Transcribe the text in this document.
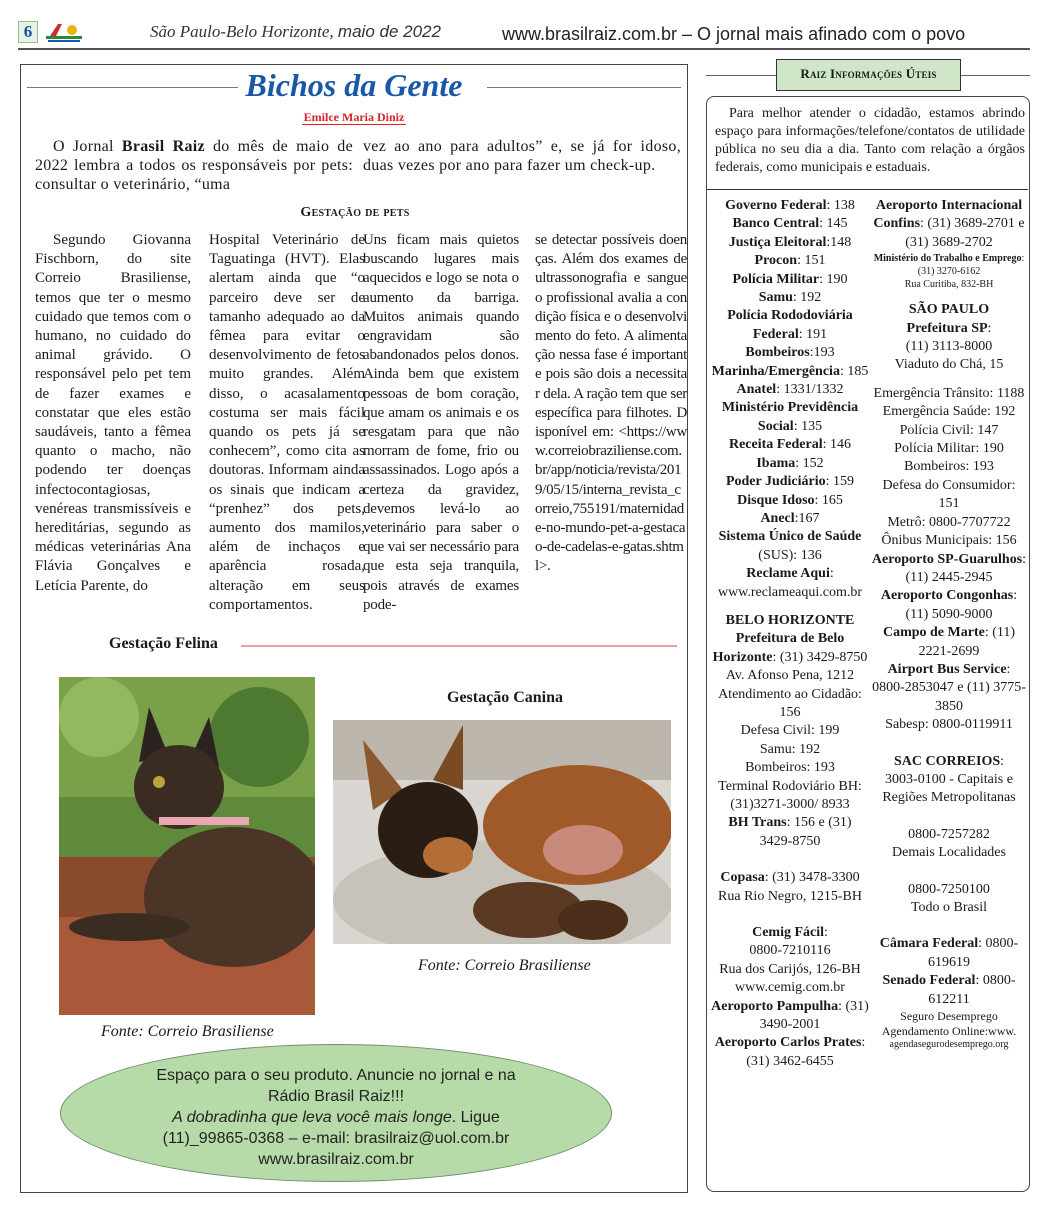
6	São Paulo-Belo Horizonte, maio de 2022	www.brasilraiz.com.br – O jornal mais afinado com o povo
Bichos da Gente
Emilce Maria Diniz

O Jornal Brasil Raiz do mês de maio de 2022 lembra a todos os responsáveis por pets: consultar o veterinário, “uma

vez ao ano para adultos” e, se já for idoso, duas vezes por ano para fazer um check-up.
Gestação de pets

Segundo Giovanna Fischborn, do site Correio Brasiliense, temos que ter o mesmo cuidado que temos com o humano, no cuidado do animal grávido. O responsável pelo pet tem de fazer exames e constatar que eles estão saudáveis, tanto a fêmea quanto o macho, não podendo ter doenças infectocontagiosas, venéreas transmissíveis e hereditárias, segundo as médicas veterinárias Ana Flávia Gonçalves e Letícia Parente, do

Hospital Veterinário de Taguatinga (HVT). Elas alertam ainda que “o parceiro deve ser de tamanho adequado ao da fêmea para evitar o desenvolvimento de fetos muito grandes. Além disso, o acasalamento costuma ser mais fácil quando os pets já se conhecem”, como cita as doutoras. Informam ainda os sinais que indicam a “prenhez” dos pets, aumento dos mamilos, além de inchaços e aparência rosada, alteração em seus comportamentos.
Uns ficam mais quietos buscando lugares mais aquecidos e logo se nota o aumento da barriga. Muitos animais quando engravidam são abandonados pelos donos. Ainda bem que existem pessoas de bom coração, que amam os animais e os resgatam para que não morram de fome, frio ou assassinados. Logo após a certeza da gravidez, devemos levá-lo ao veterinário para saber o que vai ser necessário para que esta seja tranquila, pois através de exames pode-
se detectar possíveis doenças. Além dos exames de ultrassonografia e sangue o profissional avalia a condição física e o desenvolvimento do feto. A alimentação nessa fase é importante pois são dois a necessitar dela. A ração tem que ser específica para filhotes. Disponível em: <https://www.correiobraziliense.com.br/app/noticia/revista/2019/05/15/interna_revista_correio,755191/maternidade-no-mundo-pet-a-gestacao-de-cadelas-e-gatas.shtml>.
Gestação Felina
Fonte: Correio Brasiliense
Gestação Canina
Fonte: Correio Brasiliense
Espaço para o seu produto. Anuncie no jornal e na
Rádio Brasil Raiz!!!
A dobradinha que leva você mais longe. Ligue
(11)_99865-0368 – e-mail: brasilraiz@uol.com.br
www.brasilraiz.com.br
Raiz Informações Úteis

Para melhor atender o cidadão, estamos abrindo espaço para informações/telefone/contatos de utilidade pública no seu dia a dia. Tanto com relação a órgãos federais, como municipais e estaduais.

Governo Federal: 138
Banco Central: 145
Justiça Eleitoral:148
Procon: 151
Polícia Militar: 190
Samu: 192
Polícia Rododoviária Federal: 191
Bombeiros:193
Marinha/Emergência: 185
Anatel: 1331/1332
Ministério Previdência Social: 135
Receita Federal: 146
Ibama: 152
Poder Judiciário: 159
Disque Idoso: 165
Anecl:167
Sistema Único de Saúde (SUS): 136
Reclame Aqui:
www.reclameaqui.com.br
BELO HORIZONTE
Prefeitura de Belo Horizonte: (31) 3429-8750
Av. Afonso Pena, 1212
Atendimento ao Cidadão: 156
Defesa Civil: 199
Samu: 192
Bombeiros: 193
Terminal Rodoviário BH: (31)3271-3000/ 8933
BH Trans: 156 e (31) 3429-8750
Copasa: (31) 3478-3300
Rua Rio Negro, 1215-BH
Cemig Fácil:
0800-7210116
Rua dos Carijós, 126-BH
www.cemig.com.br
Aeroporto Pampulha: (31) 3490-2001
Aeroporto Carlos Prates: (31) 3462-6455
Aeroporto Internacional Confins: (31) 3689-2701 e (31) 3689-2702
Ministério do Trabalho e Emprego: (31) 3270-6162
Rua Curitiba, 832-BH
SÃO PAULO
Prefeitura SP:
(11) 3113-8000
Viaduto do Chá, 15
Emergência Trânsito: 1188
Emergência Saúde: 192
Polícia Civil: 147
Polícia Militar: 190
Bombeiros: 193
Defesa do Consumidor: 151
Metrô: 0800-7707722
Ônibus Municipais: 156
Aeroporto SP-Guarulhos: (11) 2445-2945
Aeroporto Congonhas: (11) 5090-9000
Campo de Marte: (11) 2221-2699
Airport Bus Service: 0800-2853047 e (11) 3775-3850
Sabesp: 0800-0119911
SAC CORREIOS:
3003-0100 - Capitais e Regiões Metropolitanas
0800-7257282
Demais Localidades
0800-7250100
Todo o Brasil
Câmara Federal: 0800-619619
Senado Federal: 0800-612211
Seguro Desemprego Agendamento Online:www.
agendasegurodesemprego.org
